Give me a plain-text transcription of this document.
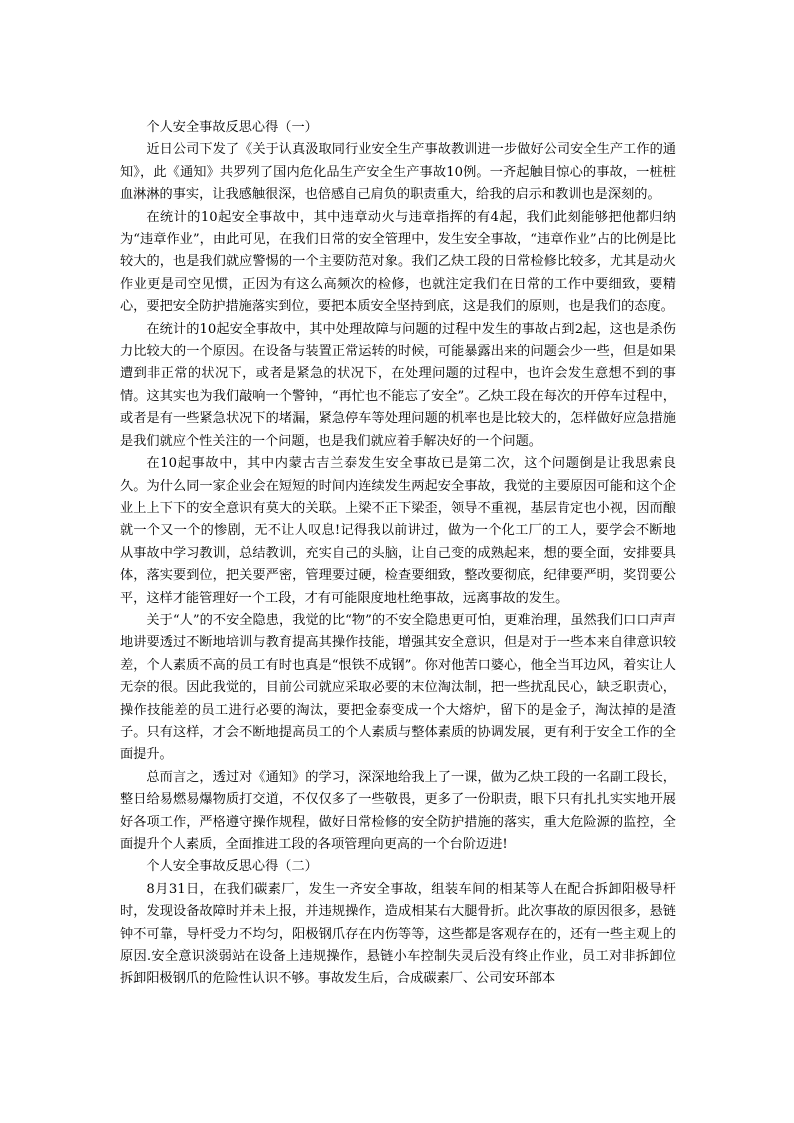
个人安全事故反思心得（一）

近日公司下发了《关于认真汲取同行业安全生产事故教训进一步做好公司安全生产工作的通知》，此《通知》共罗列了国内危化品生产安全生产事故10例。一齐起触目惊心的事故，一桩桩血淋淋的事实，让我感触很深，也倍感自己肩负的职责重大，给我的启示和教训也是深刻的。

在统计的10起安全事故中，其中违章动火与违章指挥的有4起，我们此刻能够把他都归纳为“违章作业”，由此可见，在我们日常的安全管理中，发生安全事故，“违章作业”占的比例是比较大的，也是我们就应警惕的一个主要防范对象。我们乙炔工段的日常检修比较多，尤其是动火作业更是司空见惯，正因为有这么高频次的检修，也就注定我们在日常的工作中要细致，要精心，要把安全防护措施落实到位，要把本质安全坚持到底，这是我们的原则，也是我们的态度。

在统计的10起安全事故中，其中处理故障与问题的过程中发生的事故占到2起，这也是杀伤力比较大的一个原因。在设备与装置正常运转的时候，可能暴露出来的问题会少一些，但是如果遭到非正常的状况下，或者是紧急的状况下，在处理问题的过程中，也许会发生意想不到的事情。这其实也为我们敲响一个警钟，“再忙也不能忘了安全”。乙炔工段在每次的开停车过程中，或者是有一些紧急状况下的堵漏，紧急停车等处理问题的机率也是比较大的，怎样做好应急措施是我们就应个性关注的一个问题，也是我们就应着手解决好的一个问题。

在10起事故中，其中内蒙古吉兰泰发生安全事故已是第二次，这个问题倒是让我思索良久。为什么同一家企业会在短短的时间内连续发生两起安全事故，我觉的主要原因可能和这个企业上上下下的安全意识有莫大的关联。上梁不正下梁歪，领导不重视，基层肯定也小视，因而酿就一个又一个的惨剧，无不让人叹息!记得我以前讲过，做为一个化工厂的工人，要学会不断地从事故中学习教训，总结教训，充实自己的头脑，让自己变的成熟起来，想的要全面，安排要具体，落实要到位，把关要严密，管理要过硬，检查要细致，整改要彻底，纪律要严明，奖罚要公平，这样才能管理好一个工段，才有可能限度地杜绝事故，远离事故的发生。

关于“人”的不安全隐患，我觉的比“物”的不安全隐患更可怕，更难治理，虽然我们口口声声地讲要透过不断地培训与教育提高其操作技能，增强其安全意识，但是对于一些本来自律意识较差，个人素质不高的员工有时也真是“恨铁不成钢”。你对他苦口婆心，他全当耳边风，着实让人无奈的很。因此我觉的，目前公司就应采取必要的末位淘汰制，把一些扰乱民心，缺乏职责心，操作技能差的员工进行必要的淘汰，要把金泰变成一个大熔炉，留下的是金子，淘汰掉的是渣子。只有这样，才会不断地提高员工的个人素质与整体素质的协调发展，更有利于安全工作的全面提升。

总而言之，透过对《通知》的学习，深深地给我上了一课，做为乙炔工段的一名副工段长，整日给易燃易爆物质打交道，不仅仅多了一些敬畏，更多了一份职责，眼下只有扎扎实实地开展好各项工作，严格遵守操作规程，做好日常检修的安全防护措施的落实，重大危险源的监控，全面提升个人素质，全面推进工段的各项管理向更高的一个台阶迈进!

个人安全事故反思心得（二）

8月31日，在我们碳素厂，发生一齐安全事故，组装车间的相某等人在配合拆卸阳极导杆时，发现设备故障时并未上报，并违规操作，造成相某右大腿骨折。此次事故的原因很多，悬链钟不可靠，导杆受力不均匀，阳极钢爪存在内伤等等，这些都是客观存在的，还有一些主观上的原因.安全意识淡弱站在设备上违规操作，悬链小车控制失灵后没有终止作业，员工对非拆卸位拆卸阳极钢爪的危险性认识不够。事故发生后，合成碳素厂、公司安环部本
